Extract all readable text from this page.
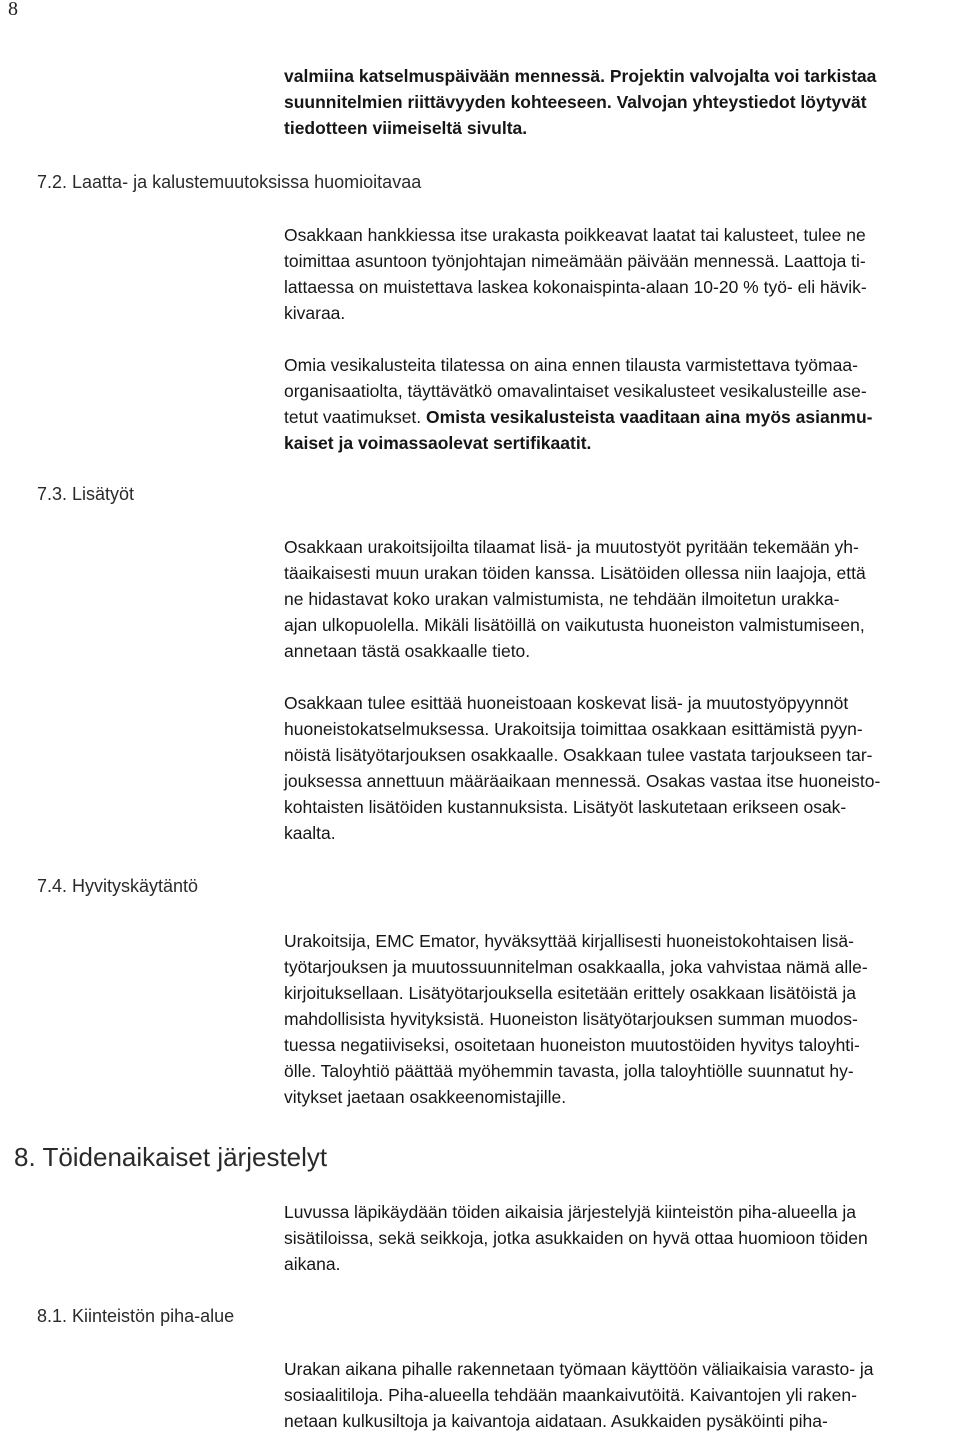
8
valmiina katselmuspäivään mennessä. Projektin valvojalta voi tarkistaa
suunnitelmien riittävyyden kohteeseen. Valvojan yhteystiedot löytyvät
tiedotteen viimeiseltä sivulta.
7.2. Laatta- ja kalustemuutoksissa huomioitavaa
Osakkaan hankkiessa itse urakasta poikkeavat laatat tai kalusteet, tulee ne
toimittaa asuntoon työnjohtajan nimeämään päivään mennessä. Laattoja ti-
lattaessa on muistettava laskea kokonaispinta-alaan 10-20 % työ- eli hävik-
kivaraa.
Omia vesikalusteita tilatessa on aina ennen tilausta varmistettava työmaa-
organisaatiolta, täyttävätkö omavalintaiset vesikalusteet vesikalusteille ase-
tetut vaatimukset. Omista vesikalusteista vaaditaan aina myös asianmu-
kaiset ja voimassaolevat sertifikaatit.
7.3. Lisätyöt
Osakkaan urakoitsijoilta tilaamat lisä- ja muutostyöt pyritään tekemään yh-
täaikaisesti muun urakan töiden kanssa. Lisätöiden ollessa niin laajoja, että
ne hidastavat koko urakan valmistumista, ne tehdään ilmoitetun urakka-
ajan ulkopuolella. Mikäli lisätöillä on vaikutusta huoneiston valmistumiseen,
annetaan tästä osakkaalle tieto.
Osakkaan tulee esittää huoneistoaan koskevat lisä- ja muutostyöpyynnöt
huoneistokatselmuksessa. Urakoitsija toimittaa osakkaan esittämistä pyyn-
nöistä lisätyötarjouksen osakkaalle. Osakkaan tulee vastata tarjoukseen tar-
jouksessa annettuun määräaikaan mennessä. Osakas vastaa itse huoneisto-
kohtaisten lisätöiden kustannuksista. Lisätyöt laskutetaan erikseen osak-
kaalta.
7.4. Hyvityskäytäntö
Urakoitsija, EMC Emator, hyväksyttää kirjallisesti huoneistokohtaisen lisä-
työtarjouksen ja muutossuunnitelman osakkaalla, joka vahvistaa nämä alle-
kirjoituksellaan. Lisätyötarjouksella esitetään erittely osakkaan lisätöistä ja
mahdollisista hyvityksistä. Huoneiston lisätyötarjouksen summan muodos-
tuessa negatiiviseksi, osoitetaan huoneiston muutostöiden hyvitys taloyhti-
ölle. Taloyhtiö päättää myöhemmin tavasta, jolla taloyhtiölle suunnatut hy-
vitykset jaetaan osakkeenomistajille.
8. Töidenaikaiset järjestelyt
Luvussa läpikäydään töiden aikaisia järjestelyjä kiinteistön piha-alueella ja
sisätiloissa, sekä seikkoja, jotka asukkaiden on hyvä ottaa huomioon töiden
aikana.
8.1. Kiinteistön piha-alue
Urakan aikana pihalle rakennetaan työmaan käyttöön väliaikaisia varasto- ja
sosiaalitiloja. Piha-alueella tehdään maankaivutöitä. Kaivantojen yli raken-
netaan kulkusiltoja ja kaivantoja aidataan. Asukkaiden pysäköinti piha-
